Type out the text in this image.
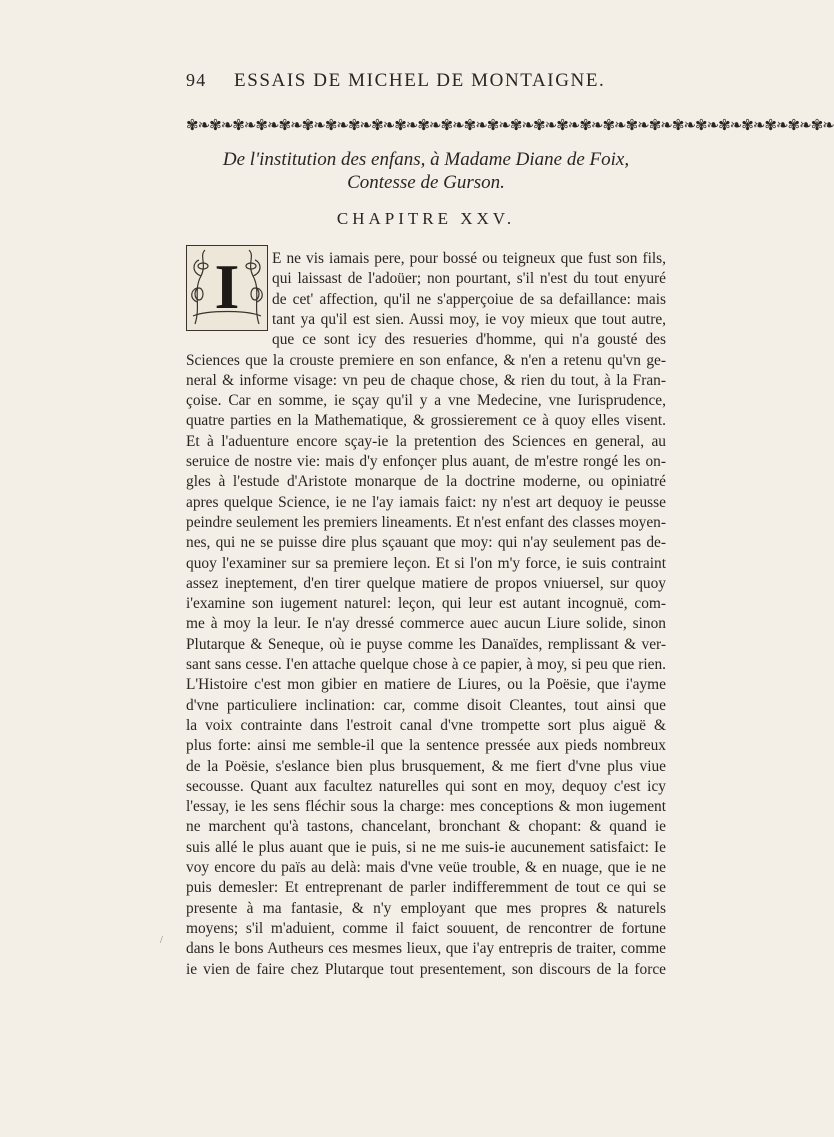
94	ESSAIS DE MICHEL DE MONTAIGNE.
✾❧✾❧✾❧✾❧✾❧✾❧✾❧✾❧✾❧✾❧✾❧✾❧✾❧✾❧✾❧✾❧✾❧✾❧✾❧✾❧✾❧✾❧✾❧✾❧✾❧✾❧✾❧✾❧
De l'institution des enfans, à Madame Diane de Foix,
Contesse de Gurson.
CHAPITRE XXV.
I	E ne vis iamais pere, pour bossé ou teigneux que fust son fils,
qui laissast de l'adoüer; non pourtant, s'il n'est du tout enyuré
de cet' affection, qu'il ne s'apperçoiue de sa defaillance: mais
tant ya qu'il est sien. Aussi moy, ie voy mieux que tout autre,
que ce sont icy des resueries d'homme, qui n'a gousté des
Sciences que la crouste premiere en son enfance, & n'en a retenu qu'vn ge-
neral & informe visage: vn peu de chaque chose, & rien du tout, à la Fran-
çoise. Car en somme, ie sçay qu'il y a vne Medecine, vne Iurisprudence,
quatre parties en la Mathematique, & grossierement ce à quoy elles visent.
Et à l'aduenture encore sçay-ie la pretention des Sciences en general, au
seruice de nostre vie: mais d'y enfonçer plus auant, de m'estre rongé les on-
gles à l'estude d'Aristote monarque de la doctrine moderne, ou opiniatré
apres quelque Science, ie ne l'ay iamais faict: ny n'est art dequoy ie peusse
peindre seulement les premiers lineaments. Et n'est enfant des classes moyen-
nes, qui ne se puisse dire plus sçauant que moy: qui n'ay seulement pas de-
quoy l'examiner sur sa premiere leçon. Et si l'on m'y force, ie suis contraint
assez ineptement, d'en tirer quelque matiere de propos vniuersel, sur quoy
i'examine son iugement naturel: leçon, qui leur est autant incognuë, com-
me à moy la leur. Ie n'ay dressé commerce auec aucun Liure solide, sinon
Plutarque & Seneque, où ie puyse comme les Danaïdes, remplissant & ver-
sant sans cesse. I'en attache quelque chose à ce papier, à moy, si peu que rien.
L'Histoire c'est mon gibier en matiere de Liures, ou la Poësie, que i'ayme
d'vne particuliere inclination: car, comme disoit Cleantes, tout ainsi que
la voix contrainte dans l'estroit canal d'vne trompette sort plus aiguë &
plus forte: ainsi me semble-il que la sentence pressée aux pieds nombreux
de la Poësie, s'eslance bien plus brusquement, & me fiert d'vne plus viue
secousse. Quant aux facultez naturelles qui sont en moy, dequoy c'est icy
l'essay, ie les sens fléchir sous la charge: mes conceptions & mon iugement
ne marchent qu'à tastons, chancelant, bronchant & chopant: & quand ie
suis allé le plus auant que ie puis, si ne me suis-ie aucunement satisfaict: Ie
voy encore du païs au delà: mais d'vne veüe trouble, & en nuage, que ie ne
puis demesler: Et entreprenant de parler indifferemment de tout ce qui se
presente à ma fantasie, & n'y employant que mes propres & naturels
moyens; s'il m'aduient, comme il faict souuent, de rencontrer de fortune
dans le bons Autheurs ces mesmes lieux, que i'ay entrepris de traiter, comme
ie vien de faire chez Plutarque tout presentement, son discours de la force
/
